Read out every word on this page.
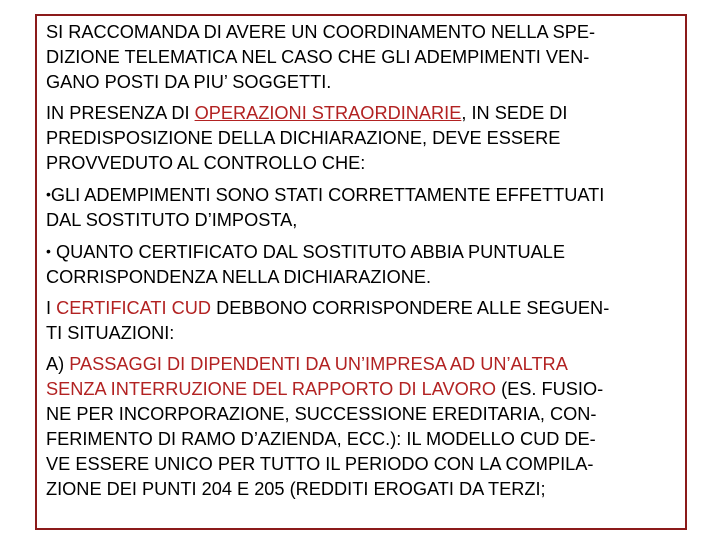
SI RACCOMANDA DI AVERE UN COORDINAMENTO NELLA SPE-
DIZIONE TELEMATICA NEL CASO CHE GLI ADEMPIMENTI VEN-
GANO POSTI DA PIU’ SOGGETTI.
IN PRESENZA DI OPERAZIONI STRAORDINARIE, IN SEDE DI
PREDISPOSIZIONE DELLA DICHIARAZIONE, DEVE ESSERE
PROVVEDUTO AL CONTROLLO CHE:
•GLI ADEMPIMENTI SONO STATI CORRETTAMENTE EFFETTUATI
DAL SOSTITUTO D’IMPOSTA,
• QUANTO CERTIFICATO DAL SOSTITUTO ABBIA PUNTUALE
CORRISPONDENZA NELLA DICHIARAZIONE.
I CERTIFICATI CUD DEBBONO CORRISPONDERE ALLE SEGUEN-
TI SITUAZIONI:
A) PASSAGGI DI DIPENDENTI DA UN’IMPRESA AD UN’ALTRA
SENZA INTERRUZIONE DEL RAPPORTO DI LAVORO (ES. FUSIO-
NE PER INCORPORAZIONE, SUCCESSIONE EREDITARIA, CON-
FERIMENTO DI RAMO D’AZIENDA, ECC.): IL MODELLO CUD DE-
VE ESSERE UNICO PER TUTTO IL PERIODO CON LA COMPILA-
ZIONE DEI PUNTI 204 E 205 (REDDITI EROGATI DA TERZI;
